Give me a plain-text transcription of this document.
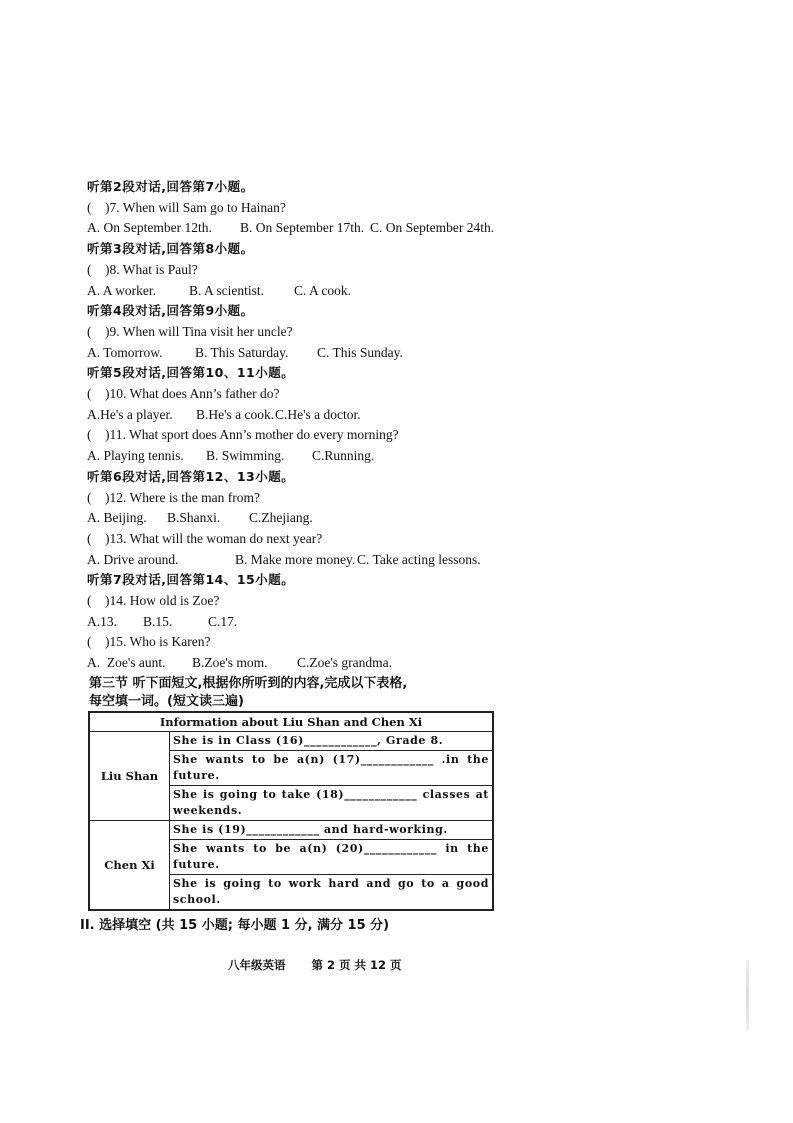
听第2段对话,回答第7小题。
(    )7. When will Sam go to Hainan?
A. On September 12th. B. On September 17th. C. On September 24th.
听第3段对话,回答第8小题。
(    )8. What is Paul?
A. A worker. B. A scientist. C. A cook.
听第4段对话,回答第9小题。
(    )9. When will Tina visit her uncle?
A. Tomorrow. B. This Saturday. C. This Sunday.
听第5段对话,回答第10、11小题。
(    )10. What does Ann’s father do?
A.He's a player. B.He's a cook. C.He's a doctor.
(    )11. What sport does Ann’s mother do every morning?
A. Playing tennis. B. Swimming. C.Running.
听第6段对话,回答第12、13小题。
(    )12. Where is the man from?
A. Beijing. B.Shanxi. C.Zhejiang.
(    )13. What will the woman do next year?
A. Drive around.	B. Make more money. C. Take acting lessons.
听第7段对话,回答第14、15小题。
(    )14. How old is Zoe?
A.13. B.15.	C.17.
(    )15. Who is Karen?
A.  Zoe's aunt. B.Zoe's mom. C.Zoe's grandma.
第三节 听下面短文,根据你所听到的内容,完成以下表格,
每空填一词。(短文读三遍)
Information about Liu Shan and Chen Xi	
Liu Shan	She is in Class (16)____________, Grade 8.
	She wants to be a(n) (17)____________ .in the future.
	She is going to take (18)____________ classes at weekends.
Chen Xi	She is (19)____________ and hard-working.
	She wants to be a(n) (20)____________ in the future.
	She is going to work hard and go to a good school.
II. 选择填空 (共 15 小题; 每小题 1 分, 满分 15 分)
八年级英语 第 2 页 共 12 页
